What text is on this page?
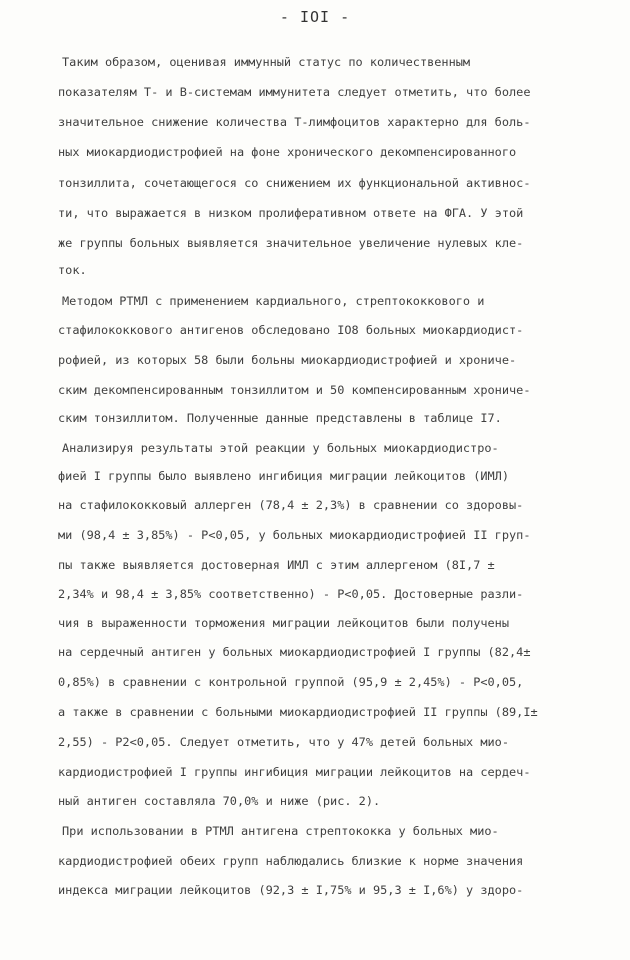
- IOI -
Таким образом, оценивая иммунный статус по количественным
показателям Т- и В-системам иммунитета следует отметить, что более
значительное снижение количества Т-лимфоцитов характерно для боль-
ных миокардиодистрофией на фоне хронического декомпенсированного
тонзиллита, сочетающегося со снижением их функциональной активнос-
ти, что выражается в низком пролиферативном ответе на ФГА. У этой
же группы больных выявляется значительное увеличение нулевых кле-
ток.
Методом РТМЛ с применением кардиального, стрептококкового и
стафилококкового антигенов обследовано IO8 больных миокардиодист-
рофией, из которых 58 были больны миокардиодистрофией и хрониче-
ским декомпенсированным тонзиллитом и 50 компенсированным хрониче-
ским тонзиллитом. Полученные данные представлены в таблице I7.
Анализируя результаты этой реакции у больных миокардиодистро-
фией I группы было выявлено ингибиция миграции лейкоцитов (ИМЛ)
на стафилококковый аллерген (78,4 ± 2,3%) в сравнении со здоровы-
ми (98,4 ± 3,85%) - P<0,05, у больных миокардиодистрофией II груп-
пы также выявляется достоверная ИМЛ с этим аллергеном (8I,7 ±
2,34% и 98,4 ± 3,85% соответственно) - P<0,05. Достоверные разли-
чия в выраженности торможения миграции лейкоцитов были получены
на сердечный антиген у больных миокардиодистрофией I группы (82,4±
0,85%) в сравнении с контрольной группой (95,9 ± 2,45%) - P<0,05,
а также в сравнении с больными миокардиодистрофией II группы (89,I±
2,55) - P2<0,05. Следует отметить, что у 47% детей больных мио-
кардиодистрофией I группы ингибиция миграции лейкоцитов на сердеч-
ный антиген составляла 70,0% и ниже (рис. 2).
При использовании в РТМЛ антигена стрептококка у больных мио-
кардиодистрофией обеих групп наблюдались близкие к норме значения
индекса миграции лейкоцитов (92,3 ± I,75% и 95,3 ± I,6%) у здоро-
